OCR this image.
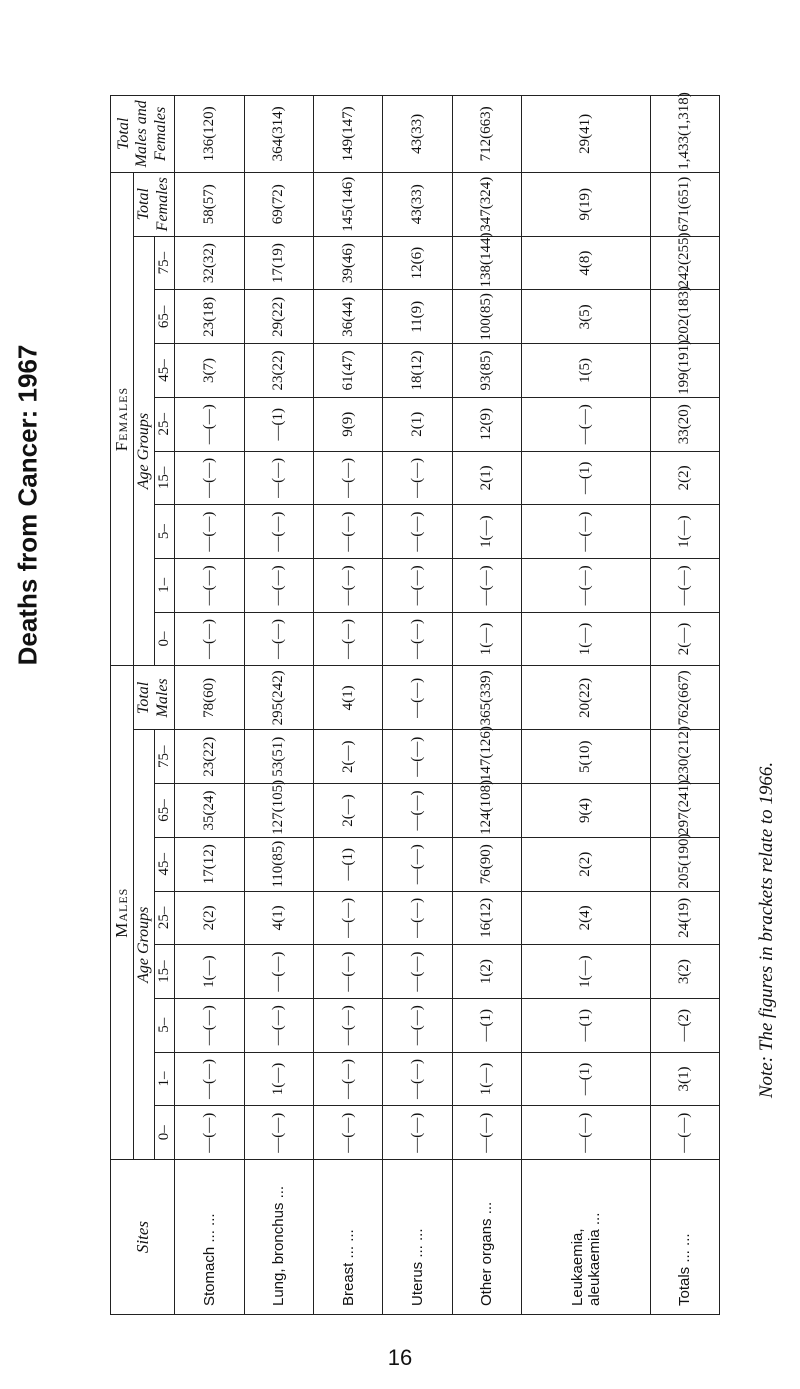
Deaths from Cancer: 1967
Sites	Males									Females									Total Males and Females
	Age Groups								Total Males	Age Groups								Total Females	
	0–	1–	5–	15–	25–	45–	65–	75–		0–	1–	5–	15–	25–	45–	65–	75–		
Stomach ... ...	—(—)	—(—)	—(—)	1(—)	2(2)	17(12)	35(24)	23(22)	78(60)	—(—)	—(—)	—(—)	—(—)	—(—)	3(7)	23(18)	32(32)	58(57)	136(120)
Lung, bronchus ...	—(—)	1(—)	—(—)	—(—)	4(1)	110(85)	127(105)	53(51)	295(242)	—(—)	—(—)	—(—)	—(—)	—(1)	23(22)	29(22)	17(19)	69(72)	364(314)
Breast ... ...	—(—)	—(—)	—(—)	—(—)	—(—)	—(1)	2(—)	2(—)	4(1)	—(—)	—(—)	—(—)	—(—)	9(9)	61(47)	36(44)	39(46)	145(146)	149(147)
Uterus ... ...	—(—)	—(—)	—(—)	—(—)	—(—)	—(—)	—(—)	—(—)	—(—)	—(—)	—(—)	—(—)	—(—)	2(1)	18(12)	11(9)	12(6)	43(33)	43(33)
Other organs ...	—(—)	1(—)	—(1)	1(2)	16(12)	76(90)	124(108)	147(126)	365(339)	1(—)	—(—)	1(—)	2(1)	12(9)	93(85)	100(85)	138(144)	347(324)	712(663)
Leukaemia, aleukaemia ...	—(—)	—(1)	—(1)	1(—)	2(4)	2(2)	9(4)	5(10)	20(22)	1(—)	—(—)	—(—)	—(1)	—(—)	1(5)	3(5)	4(8)	9(19)	29(41)
Totals ... ...	—(—)	3(1)	—(2)	3(2)	24(19)	205(190)	297(241)	230(212)	762(667)	2(—)	—(—)	1(—)	2(2)	33(20)	199(191)	202(183)	242(255)	671(651)	1,433(1,318)
Note: The figures in brackets relate to 1966.
16
